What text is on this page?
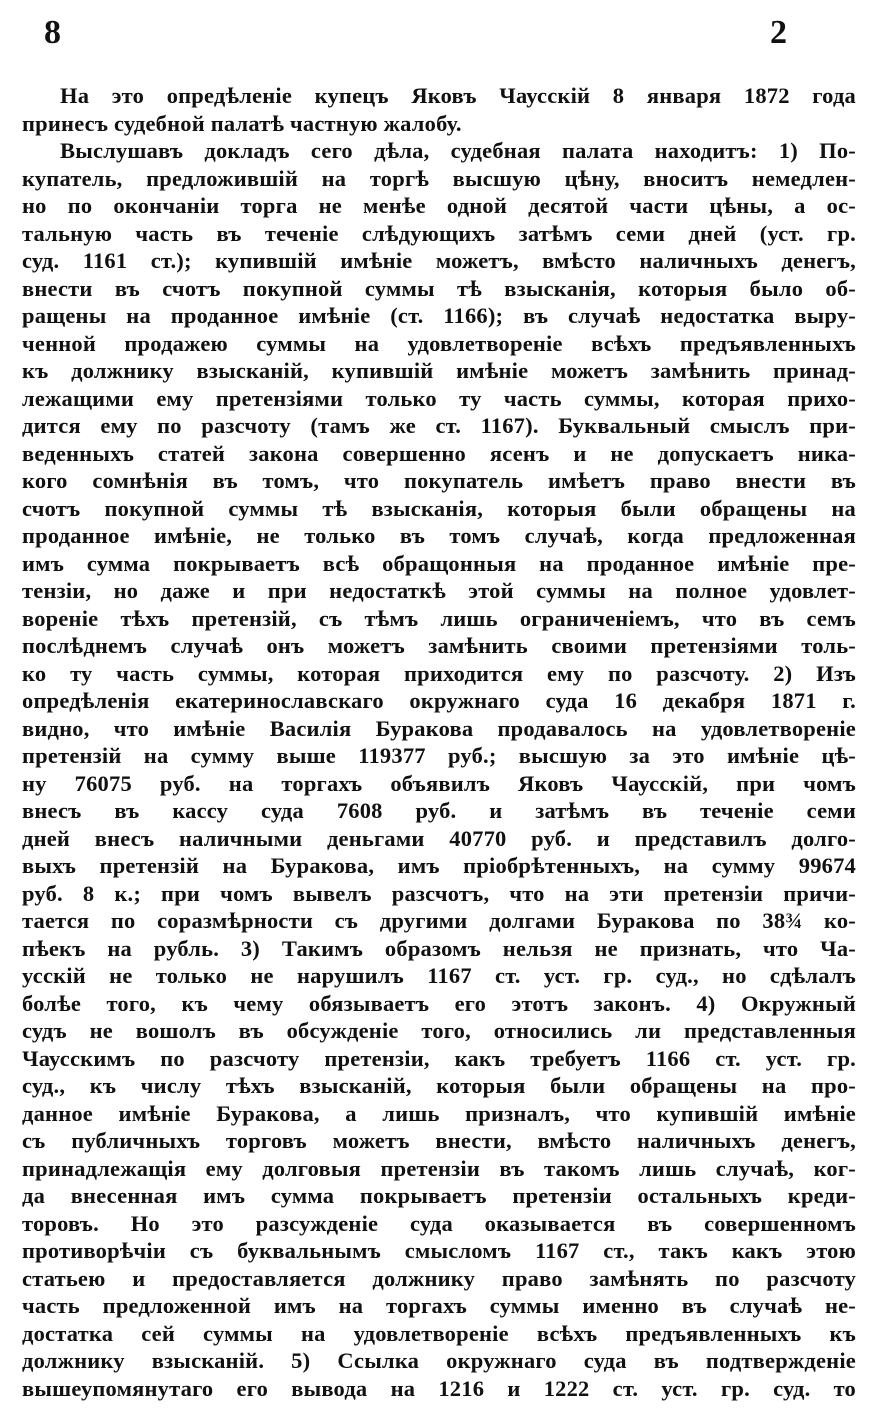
8	2
На это опредѣленіе купецъ Яковъ Чаусскій 8 января 1872 года
принесъ судебной палатѣ частную жалобу.
Выслушавъ докладъ сего дѣла, судебная палата находитъ: 1) По-
купатель, предложившій на торгѣ высшую цѣну, вноситъ немедлен-
но по окончаніи торга не менѣе одной десятой части цѣны, а ос-
тальную часть въ теченіе слѣдующихъ затѣмъ семи дней (уст. гр.
суд. 1161 ст.); купившій имѣніе можетъ, вмѣсто наличныхъ денегъ,
внести въ счотъ покупной суммы тѣ взысканія, которыя было об-
ращены на проданное имѣніе (ст. 1166); въ случаѣ недостатка выру-
ченной продажею суммы на удовлетвореніе всѣхъ предъявленныхъ
къ должнику взысканій, купившій имѣніе можетъ замѣнить принад-
лежащими ему претензіями только ту часть суммы, которая прихо-
дится ему по разсчоту (тамъ же ст. 1167). Буквальный смыслъ при-
веденныхъ статей закона совершенно ясенъ и не допускаетъ ника-
кого сомнѣнія въ томъ, что покупатель имѣетъ право внести въ
счотъ покупной суммы тѣ взысканія, которыя были обращены на
проданное имѣніе, не только въ томъ случаѣ, когда предложенная
имъ сумма покрываетъ всѣ обращонныя на проданное имѣніе пре-
тензіи, но даже и при недостаткѣ этой суммы на полное удовлет-
вореніе тѣхъ претензій, съ тѣмъ лишь ограниченіемъ, что въ семъ
послѣднемъ случаѣ онъ можетъ замѣнить своими претензіями толь-
ко ту часть суммы, которая приходится ему по разсчоту. 2) Изъ
опредѣленія екатеринославскаго окружнаго суда 16 декабря 1871 г.
видно, что имѣніе Василія Буракова продавалось на удовлетвореніе
претензій на сумму выше 119377 руб.; высшую за это имѣніе цѣ-
ну 76075 руб. на торгахъ объявилъ Яковъ Чаусскій, при чомъ
внесъ въ кассу суда 7608 руб. и затѣмъ въ теченіе семи
дней внесъ наличными деньгами 40770 руб. и представилъ долго-
выхъ претензій на Буракова, имъ пріобрѣтенныхъ, на сумму 99674
руб. 8 к.; при чомъ вывелъ разсчотъ, что на эти претензіи причи-
тается по соразмѣрности съ другими долгами Буракова по 38¾ ко-
пѣекъ на рубль. 3) Такимъ образомъ нельзя не признать, что Ча-
усскій не только не нарушилъ 1167 ст. уст. гр. суд., но сдѣлалъ
болѣе того, къ чему обязываетъ его этотъ законъ. 4) Окружный
судъ не вошолъ въ обсужденіе того, относились ли представленныя
Чаусскимъ по разсчоту претензіи, какъ требуетъ 1166 ст. уст. гр.
суд., къ числу тѣхъ взысканій, которыя были обращены на про-
данное имѣніе Буракова, а лишь призналъ, что купившій имѣніе
съ публичныхъ торговъ можетъ внести, вмѣсто наличныхъ денегъ,
принадлежащія ему долговыя претензіи въ такомъ лишь случаѣ, ког-
да внесенная имъ сумма покрываетъ претензіи остальныхъ креди-
торовъ. Но это разсужденіе суда оказывается въ совершенномъ
противорѣчіи съ буквальнымъ смысломъ 1167 ст., такъ какъ этою
статьею и предоставляется должнику право замѣнять по разсчоту
часть предложенной имъ на торгахъ суммы именно въ случаѣ не-
достатка сей суммы на удовлетвореніе всѣхъ предъявленныхъ къ
должнику взысканій. 5) Ссылка окружнаго суда въ подтвержденіе
вышеупомянутаго его вывода на 1216 и 1222 ст. уст. гр. суд. то
